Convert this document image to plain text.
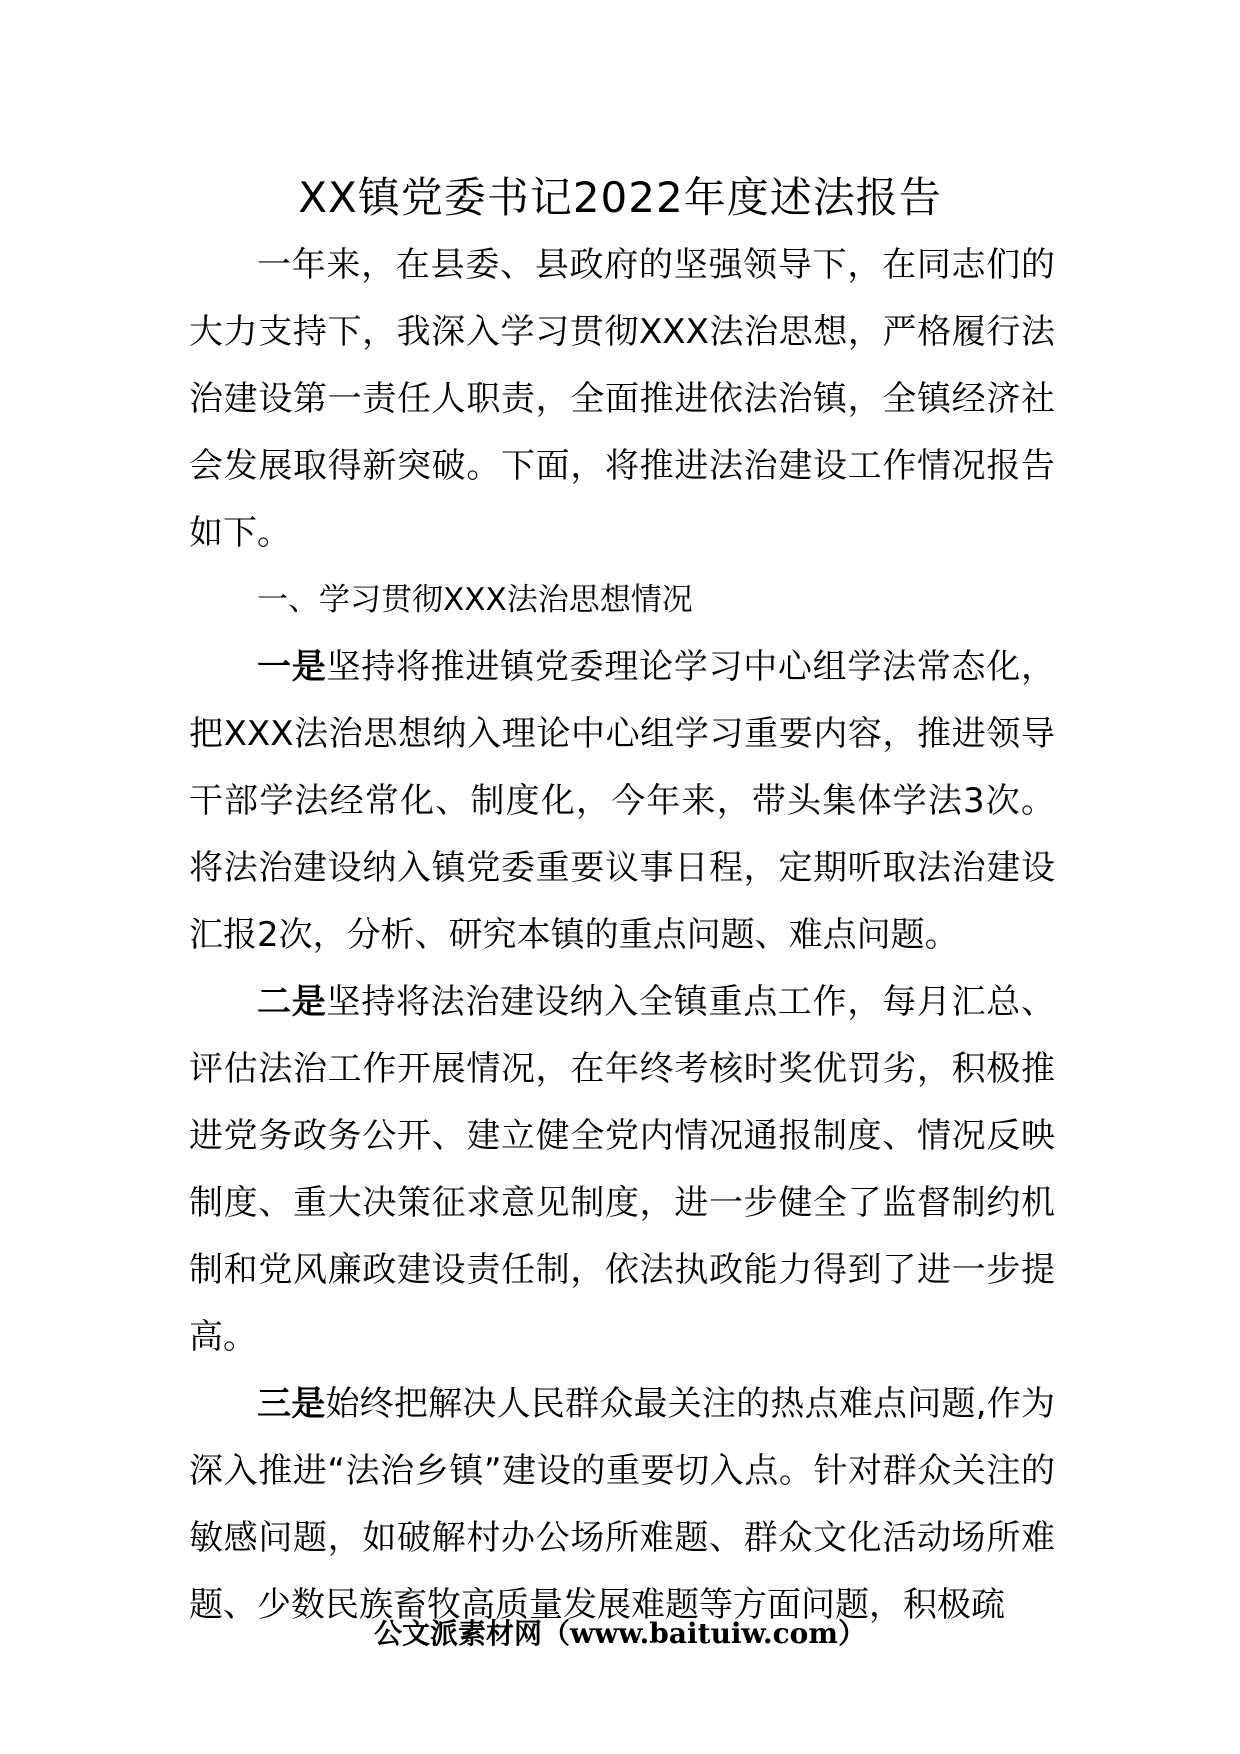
XX镇党委书记2022年度述法报告

一年来，在县委、县政府的坚强领导下，在同志们的大力支持下，我深入学习贯彻XXX法治思想，严格履行法治建设第一责任人职责，全面推进依法治镇，全镇经济社会发展取得新突破。下面，将推进法治建设工作情况报告如下。

一、学习贯彻XXX法治思想情况

一是坚持将推进镇党委理论学习中心组学法常态化，把XXX法治思想纳入理论中心组学习重要内容，推进领导干部学法经常化、制度化，今年来，带头集体学法3次。将法治建设纳入镇党委重要议事日程，定期听取法治建设汇报2次，分析、研究本镇的重点问题、难点问题。

二是坚持将法治建设纳入全镇重点工作，每月汇总、评估法治工作开展情况，在年终考核时奖优罚劣，积极推进党务政务公开、建立健全党内情况通报制度、情况反映制度、重大决策征求意见制度，进一步健全了监督制约机制和党风廉政建设责任制，依法执政能力得到了进一步提高。

三是始终把解决人民群众最关注的热点难点问题,作为深入推进“法治乡镇”建设的重要切入点。针对群众关注的敏感问题，如破解村办公场所难题、群众文化活动场所难题、少数民族畜牧高质量发展难题等方面问题，积极疏

公文派素材网（www.baituiw.com）
